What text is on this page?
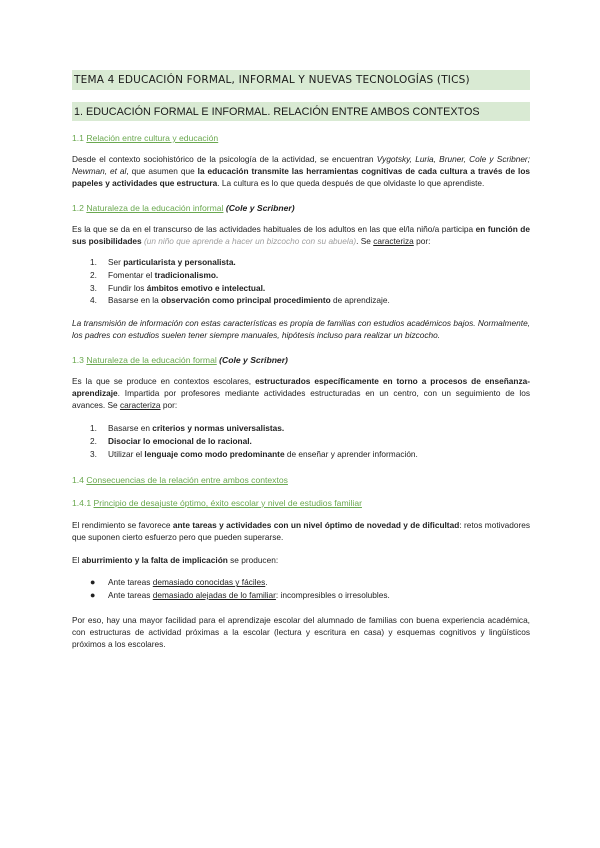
TEMA 4 EDUCACIÓN FORMAL, INFORMAL Y NUEVAS TECNOLOGÍAS (TICS)
1. EDUCACIÓN FORMAL E INFORMAL. RELACIÓN ENTRE AMBOS CONTEXTOS

1.1 Relación entre cultura y educación

Desde el contexto sociohistórico de la psicología de la actividad, se encuentran Vygotsky, Luria, Bruner, Cole y Scribner; Newman, et al, que asumen que la educación transmite las herramientas cognitivas de cada cultura a través de los papeles y actividades que estructura. La cultura es lo que queda después de que olvidaste lo que aprendiste.

1.2 Naturaleza de la educación informal (Cole y Scribner)

Es la que se da en el transcurso de las actividades habituales de los adultos en las que el/la niño/a participa en función de sus posibilidades (un niño que aprende a hacer un bizcocho con su abuela). Se caracteriza por:

1.	Ser particularista y personalista.
2.	Fomentar el tradicionalismo.
3.	Fundir los ámbitos emotivo e intelectual.
4.	Basarse en la observación como principal procedimiento de aprendizaje.

La transmisión de información con estas características es propia de familias con estudios académicos bajos. Normalmente, los padres con estudios suelen tener siempre manuales, hipótesis incluso para realizar un bizcocho.

1.3 Naturaleza de la educación formal (Cole y Scribner)

Es la que se produce en contextos escolares, estructurados específicamente en torno a procesos de enseñanza-aprendizaje. Impartida por profesores mediante actividades estructuradas en un centro, con un seguimiento de los avances. Se caracteriza por:

1.	Basarse en criterios y normas universalistas.
2.	Disociar lo emocional de lo racional.
3.	Utilizar el lenguaje como modo predominante de enseñar y aprender información.

1.4 Consecuencias de la relación entre ambos contextos

1.4.1 Principio de desajuste óptimo, éxito escolar y nivel de estudios familiar

El rendimiento se favorece ante tareas y actividades con un nivel óptimo de novedad y de dificultad: retos motivadores que suponen cierto esfuerzo pero que pueden superarse.

El aburrimiento y la falta de implicación se producen:

●	Ante tareas demasiado conocidas y fáciles.
●	Ante tareas demasiado alejadas de lo familiar: incompresibles o irresolubles.

Por eso, hay una mayor facilidad para el aprendizaje escolar del alumnado de familias con buena experiencia académica, con estructuras de actividad próximas a la escolar (lectura y escritura en casa) y esquemas cognitivos y lingüísticos próximos a los escolares.
